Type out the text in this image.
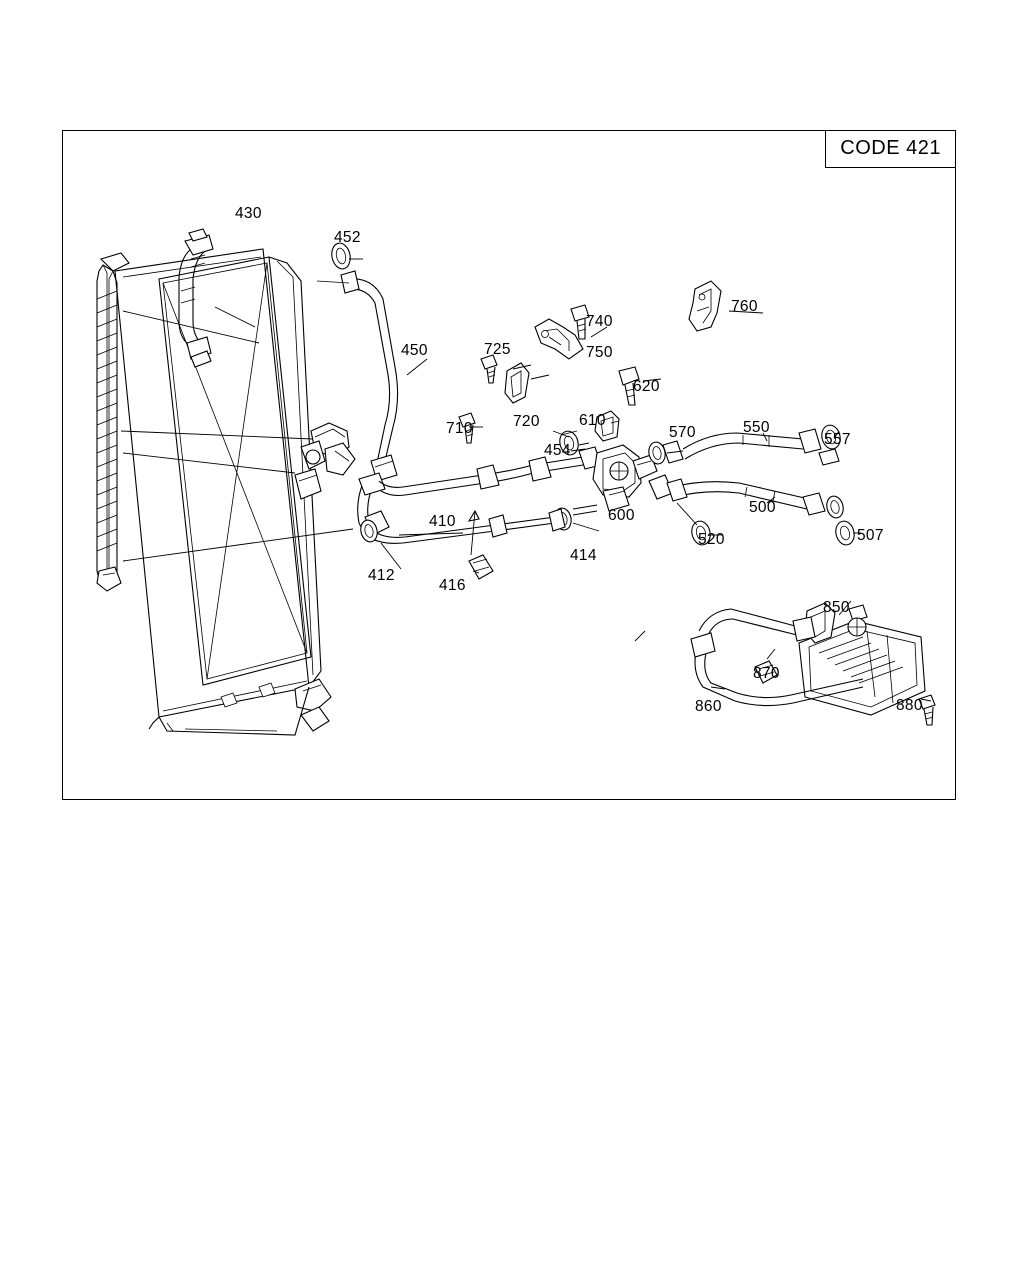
CODE 421
430
452
450	725
740
750
760
620
610
710	720
454
570	550
557
600	500
520	507
410
414
412
416
850
870
860	880
